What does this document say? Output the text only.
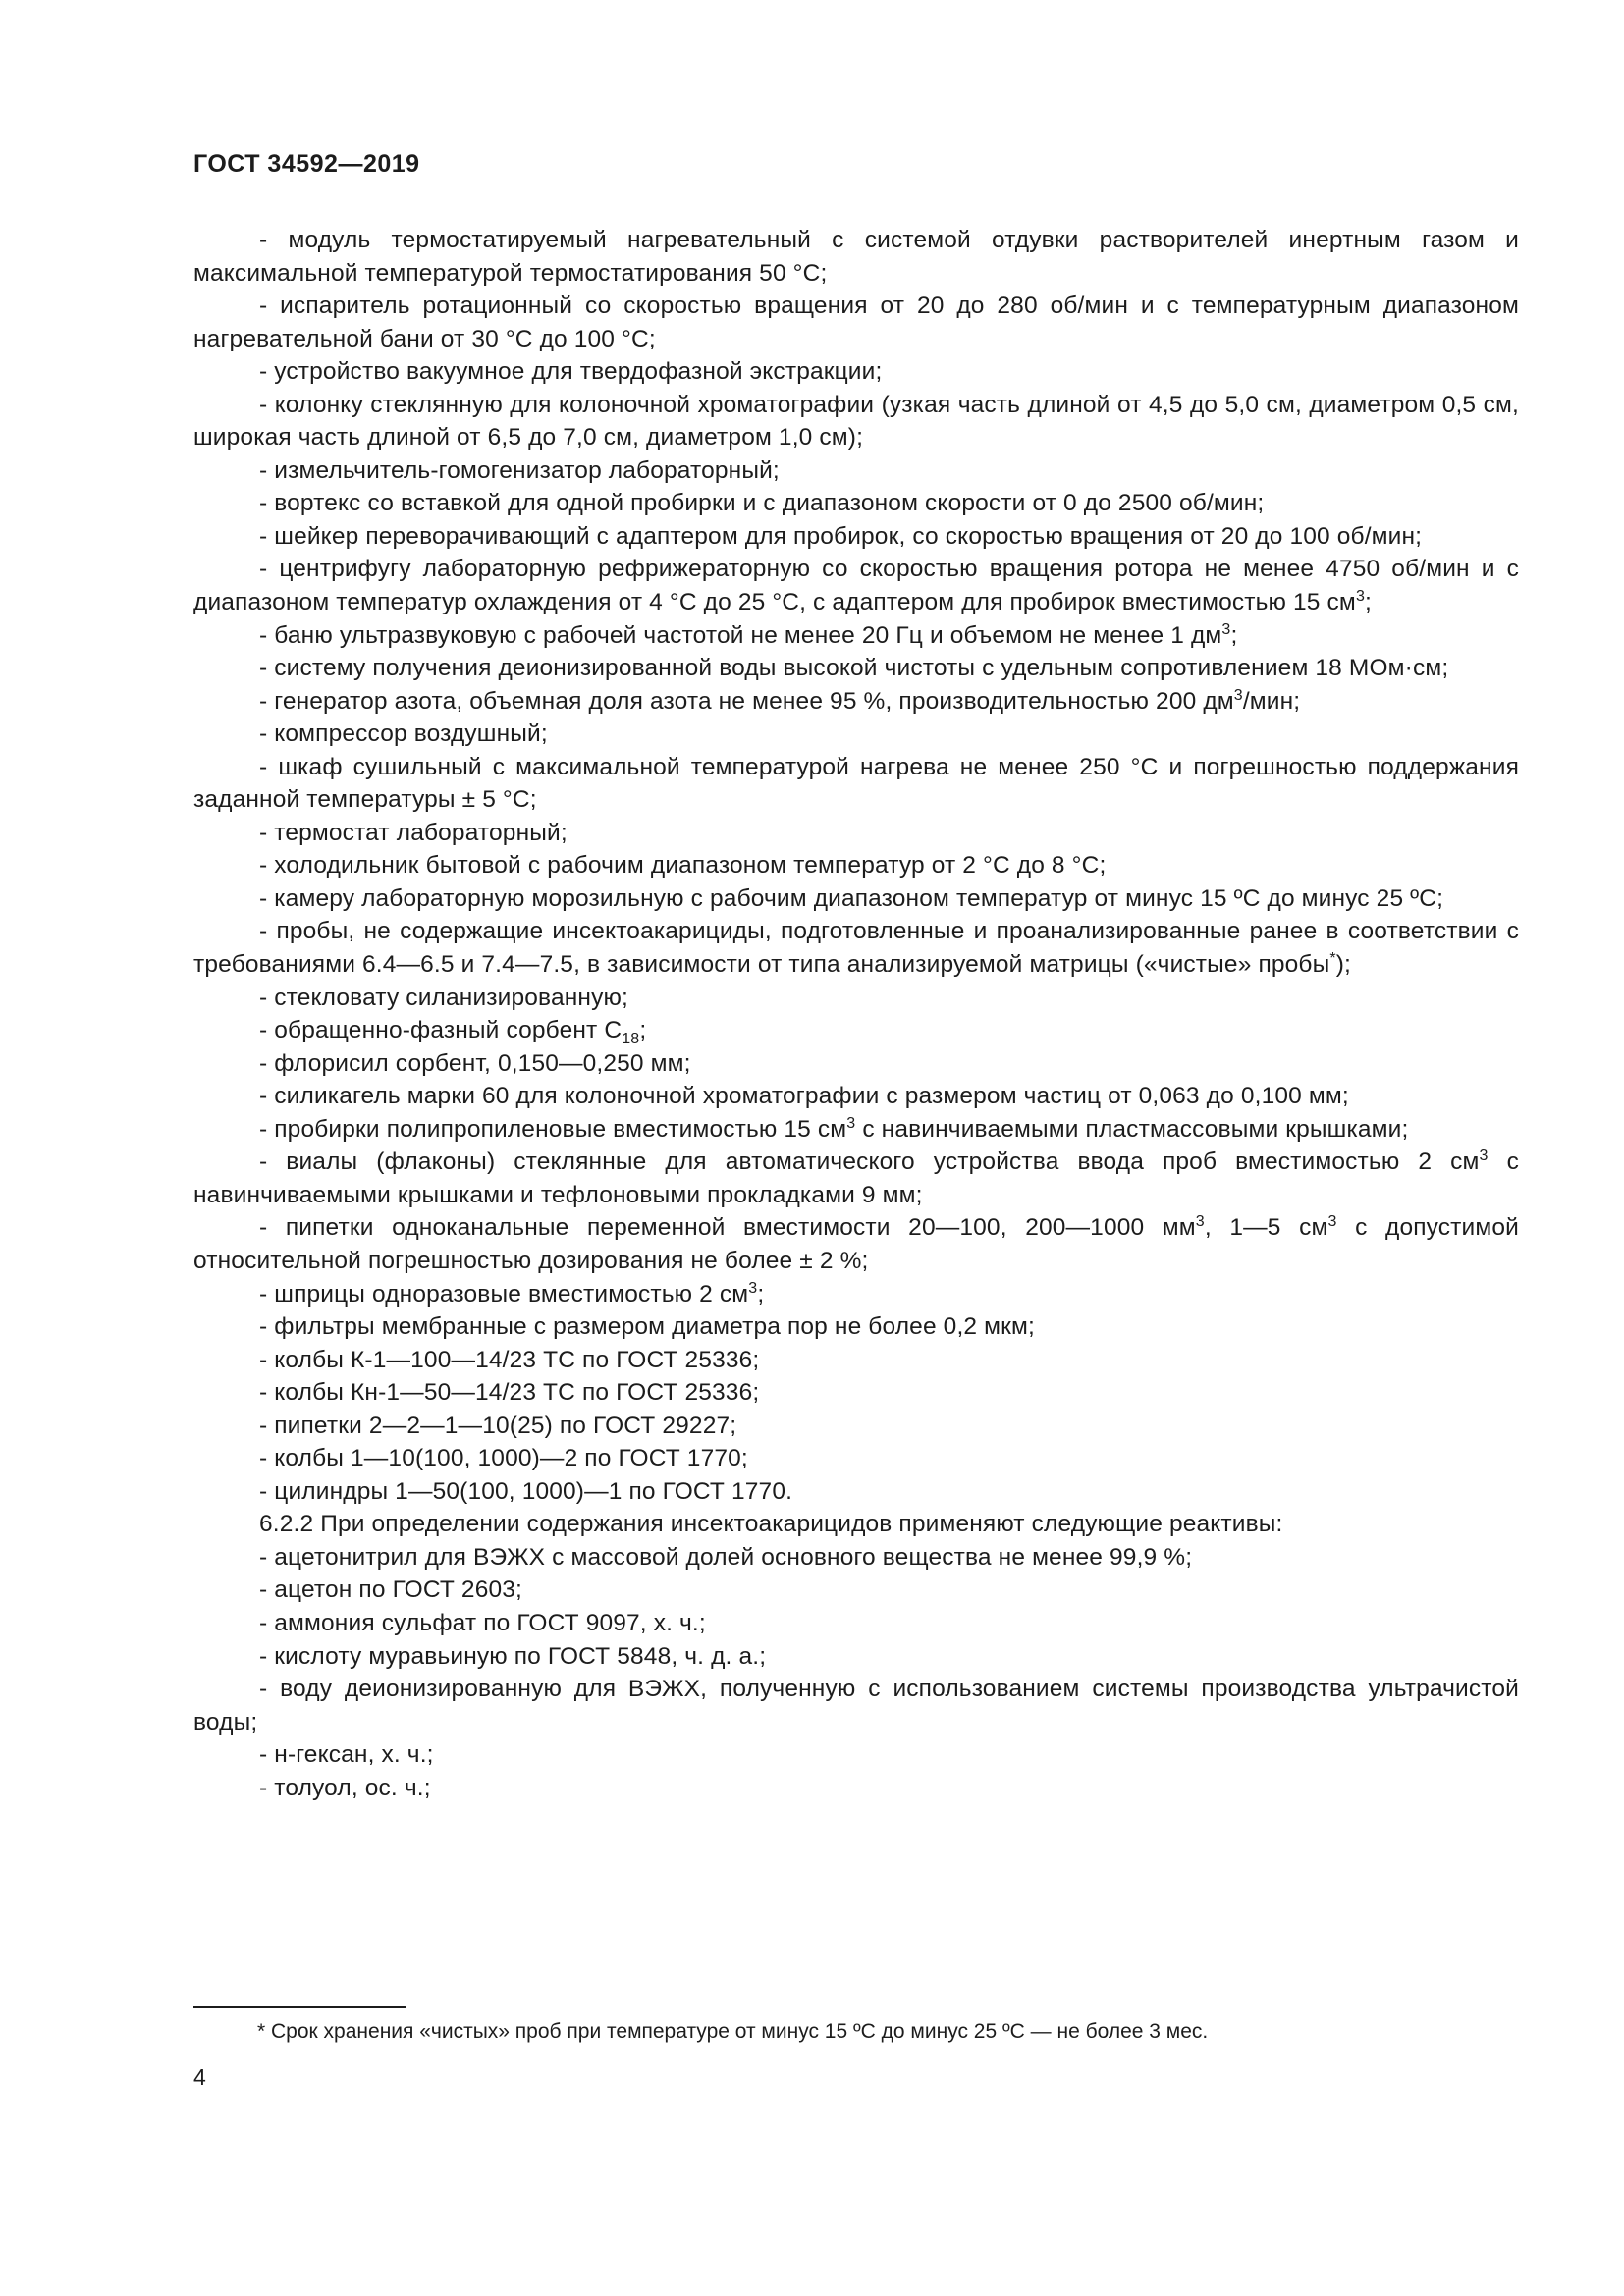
ГОСТ 34592—2019

- модуль термостатируемый нагревательный с системой отдувки растворителей инертным газом и максимальной температурой термостатирования 50 °С;

- испаритель ротационный со скоростью вращения от 20 до 280 об/мин и с температурным диапазоном нагревательной бани от 30 °С до 100 °С;

- устройство вакуумное для твердофазной экстракции;

- колонку стеклянную для колоночной хроматографии (узкая часть длиной от 4,5 до 5,0 см, диаметром 0,5 см, широкая часть длиной от 6,5 до 7,0 см, диаметром 1,0 см);

- измельчитель-гомогенизатор лабораторный;

- вортекс со вставкой для одной пробирки и с диапазоном скорости от 0 до 2500 об/мин;

- шейкер переворачивающий с адаптером для пробирок, со скоростью вращения от 20 до 100 об/мин;

- центрифугу лабораторную рефрижераторную со скоростью вращения ротора не менее 4750 об/мин и с диапазоном температур охлаждения от 4 °С до 25 °С, с адаптером для пробирок вместимостью 15 $см^3$;

- баню ультразвуковую с рабочей частотой не менее 20 Гц и объемом не менее 1 $дм^3$;

- систему получения деионизированной воды высокой чистоты с удельным сопротивлением 18 МОм·см;

- генератор азота, объемная доля азота не менее 95 %, производительностью 200 $дм^3$/мин;

- компрессор воздушный;

- шкаф сушильный с максимальной температурой нагрева не менее 250 °С и погрешностью поддержания заданной температуры ± 5 °С;

- термостат лабораторный;

- холодильник бытовой с рабочим диапазоном температур от 2 °С до 8 °С;

- камеру лабораторную морозильную с рабочим диапазоном температур от минус 15 ºС до минус 25 ºС;

- пробы, не содержащие инсектоакарициды, подготовленные и проанализированные ранее в соответствии с требованиями 6.4—6.5 и 7.4—7.5, в зависимости от типа анализируемой матрицы («чистые» пробы*);

- стекловату силанизированную;

- обращенно-фазный сорбент $С_{18}$;

- флорисил сорбент, 0,150—0,250 мм;

- силикагель марки 60 для колоночной хроматографии с размером частиц от 0,063 до 0,100 мм;

- пробирки полипропиленовые вместимостью 15 $см^3$ с навинчиваемыми пластмассовыми крышками;

- виалы (флаконы) стеклянные для автоматического устройства ввода проб вместимостью 2 $см^3$ с навинчиваемыми крышками и тефлоновыми прокладками 9 мм;

- пипетки одноканальные переменной вместимости 20—100, 200—1000 $мм^3$, 1—5 $см^3$ с допустимой относительной погрешностью дозирования не более ± 2 %;

- шприцы одноразовые вместимостью 2 $см^3$;

- фильтры мембранные с размером диаметра пор не более 0,2 мкм;

- колбы К-1—100—14/23 ТС по ГОСТ 25336;

- колбы Кн-1—50—14/23 ТС по ГОСТ 25336;

- пипетки 2—2—1—10(25) по ГОСТ 29227;

- колбы 1—10(100, 1000)—2 по ГОСТ 1770;

- цилиндры 1—50(100, 1000)—1 по ГОСТ 1770.

6.2.2 При определении содержания инсектоакарицидов применяют следующие реактивы:

- ацетонитрил для ВЭЖХ с массовой долей основного вещества не менее 99,9 %;

- ацетон по ГОСТ 2603;

- аммония сульфат по ГОСТ 9097, х. ч.;

- кислоту муравьиную по ГОСТ 5848, ч. д. а.;

- воду деионизированную для ВЭЖХ, полученную с использованием системы производства ультрачистой воды;

- н-гексан, х. ч.;

- толуол, ос. ч.;

* Срок хранения «чистых» проб при температуре от минус 15 ºС до минус 25 ºС — не более 3 мес.
4
